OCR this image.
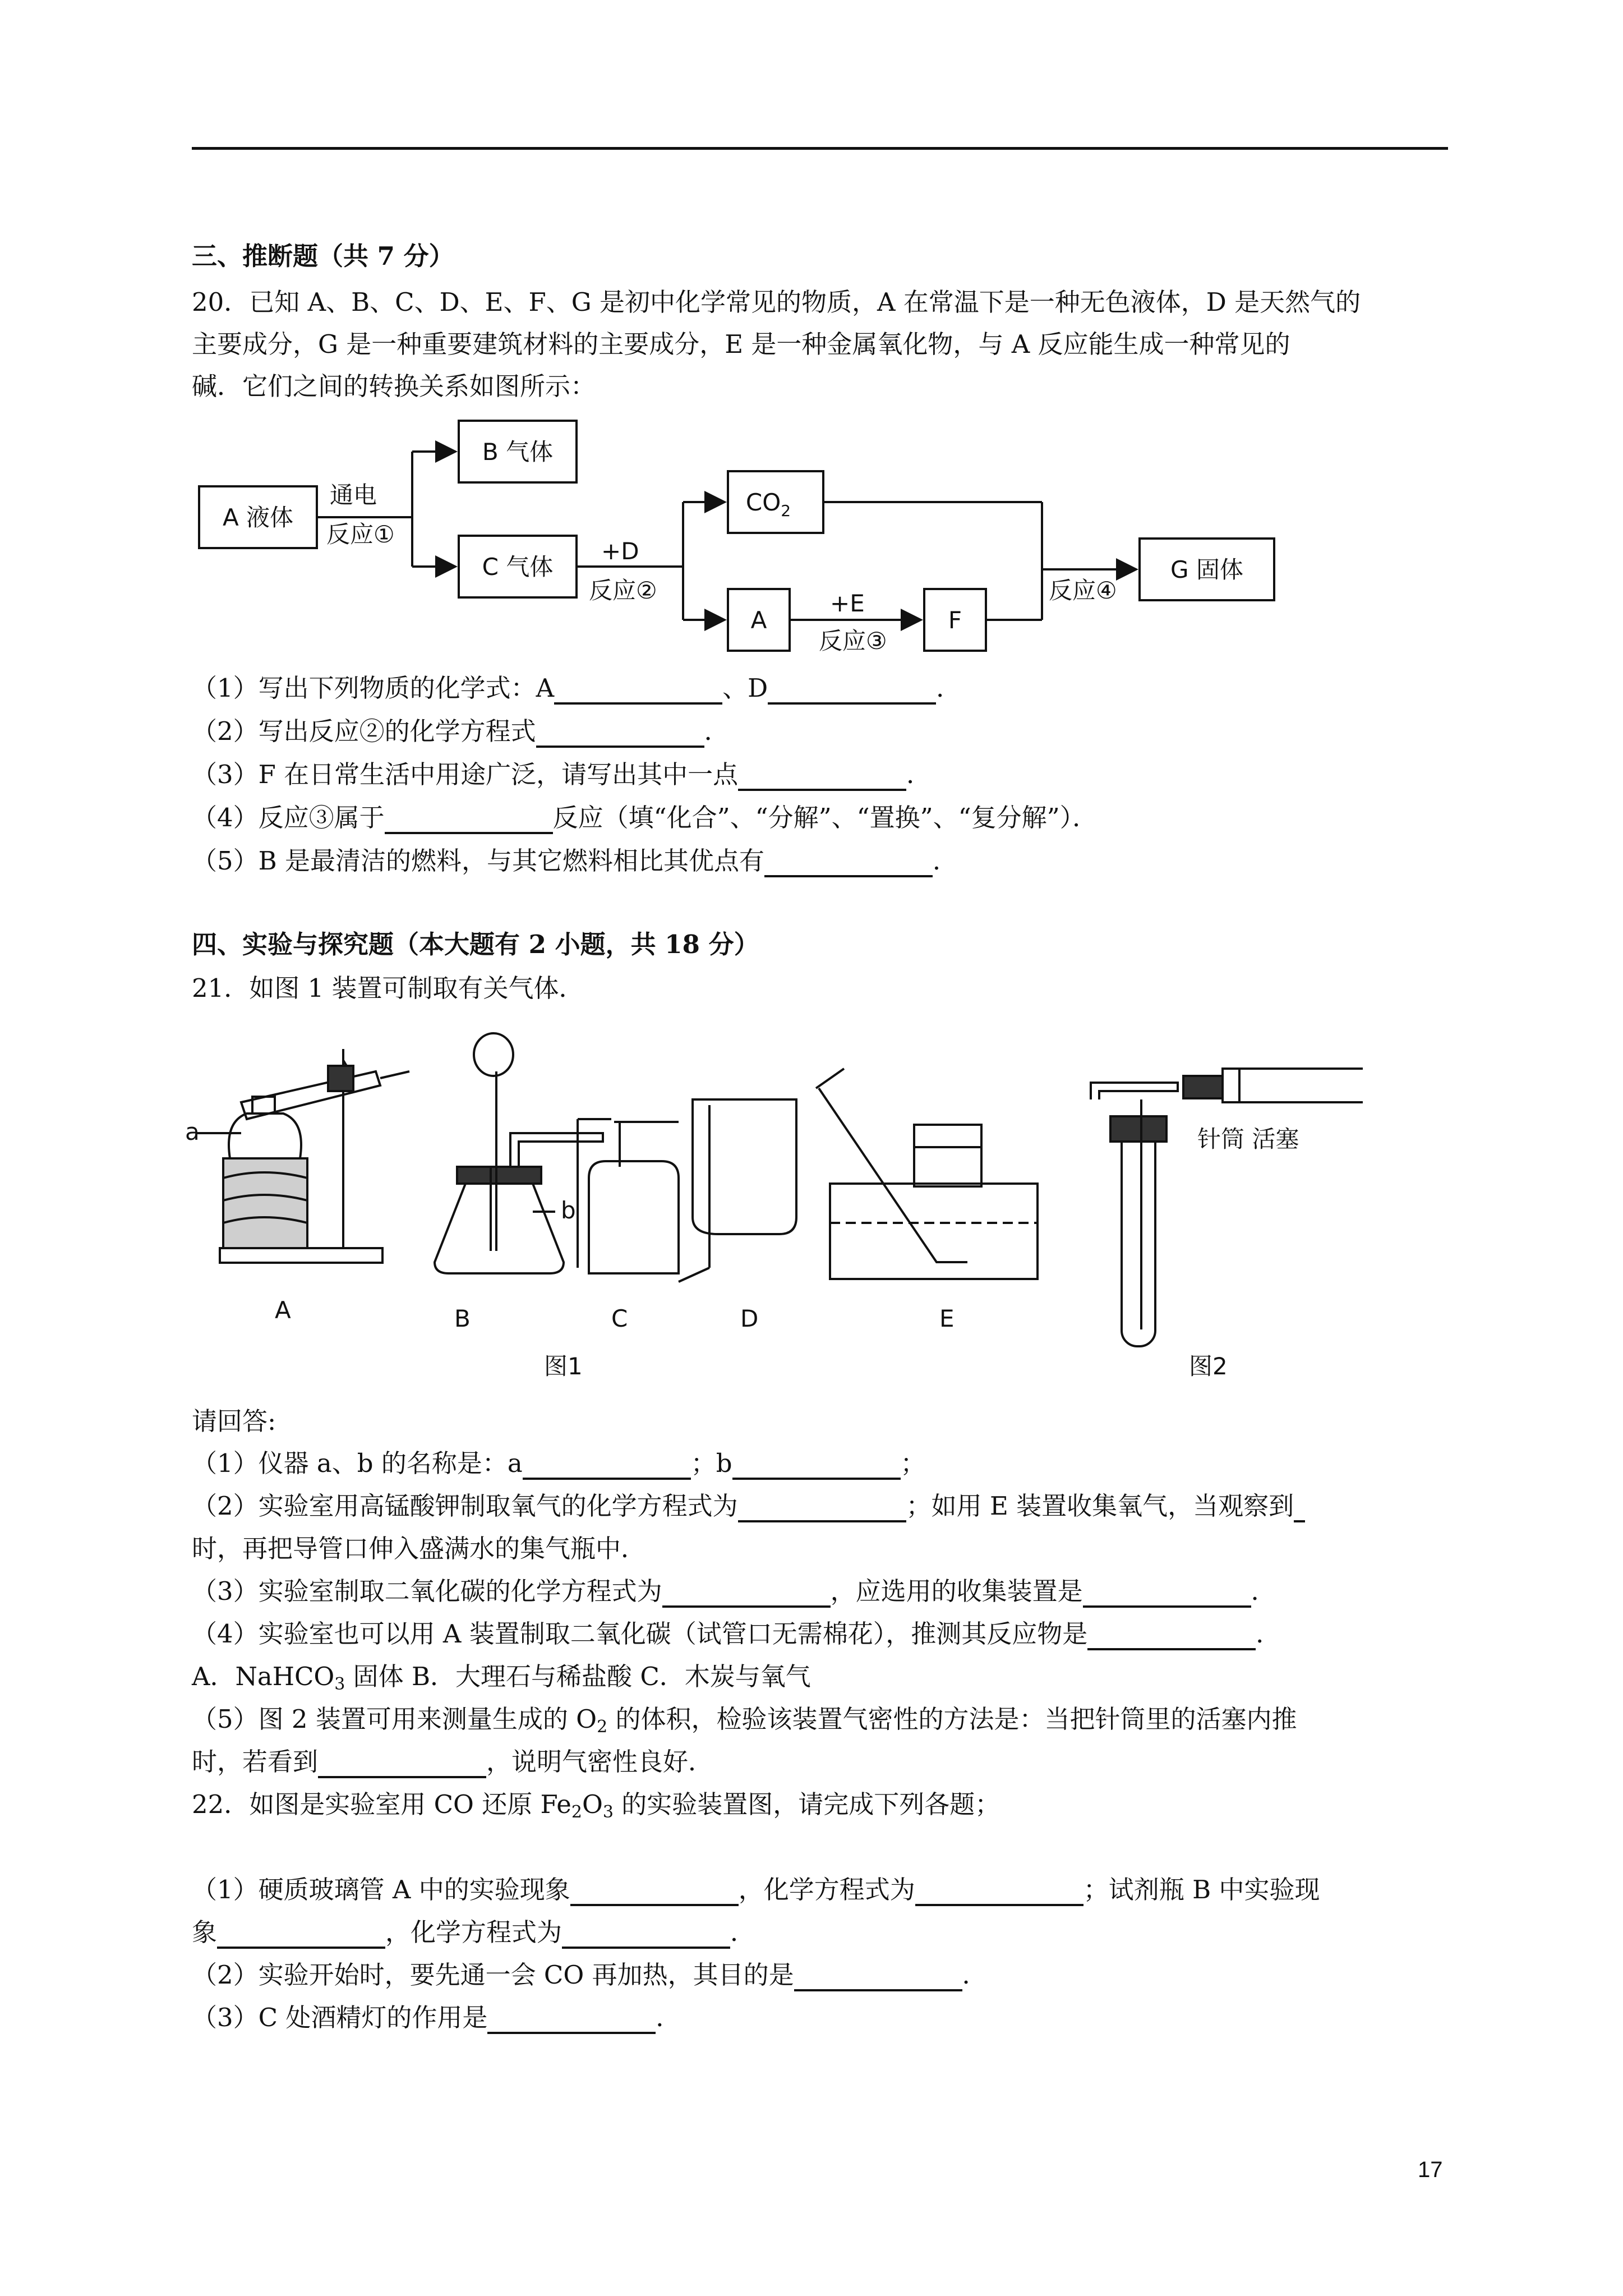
三、推断题（共 7 分）
20．已知 A、B、C、D、E、F、G 是初中化学常见的物质，A 在常温下是一种无色液体，D 是天然气的
主要成分，G 是一种重要建筑材料的主要成分，E 是一种金属氧化物，与 A 反应能生成一种常见的
碱．它们之间的转换关系如图所示：
A 液体
通电
反应①
B 气体
C 气体
+D
反应②
$CO_2$
A
+E
反应③
F
反应④
G 固体
（1）写出下列物质的化学式：A	、D	．
（2）写出反应②的化学方程式	．
（3）F 在日常生活中用途广泛，请写出其中一点	．
（4）反应③属于	反应（填“化合”、“分解”、“置换”、“复分解”）．
（5）B 是最清洁的燃料，与其它燃料相比其优点有	．
四、实验与探究题（本大题有 2 小题，共 18 分）
21．如图 1 装置可制取有关气体．
a
b
A	B	C	D	E
针筒 活塞
图1	图2
请回答:
（1）仪器 a、b 的名称是：a	；b	；
（2）实验室用高锰酸钾制取氧气的化学方程式为	；如用 E 装置收集氧气，当观察到
时，再把导管口伸入盛满水的集气瓶中．
（3）实验室制取二氧化碳的化学方程式为	，应选用的收集装置是	．
（4）实验室也可以用 A 装置制取二氧化碳（试管口无需棉花），推测其反应物是	．
A．NaHCO$_3$ 固体 B．大理石与稀盐酸 C．木炭与氧气
（5）图 2 装置可用来测量生成的 $O_2$ 的体积，检验该装置气密性的方法是：当把针筒里的活塞内推
时，若看到	，说明气密性良好．
22．如图是实验室用 CO 还原 $Fe_2O_3$ 的实验装置图，请完成下列各题；
（1）硬质玻璃管 A 中的实验现象	，化学方程式为	；试剂瓶 B 中实验现
象	，化学方程式为	．
（2）实验开始时，要先通一会 CO 再加热，其目的是	．
（3）C 处酒精灯的作用是	．
17
